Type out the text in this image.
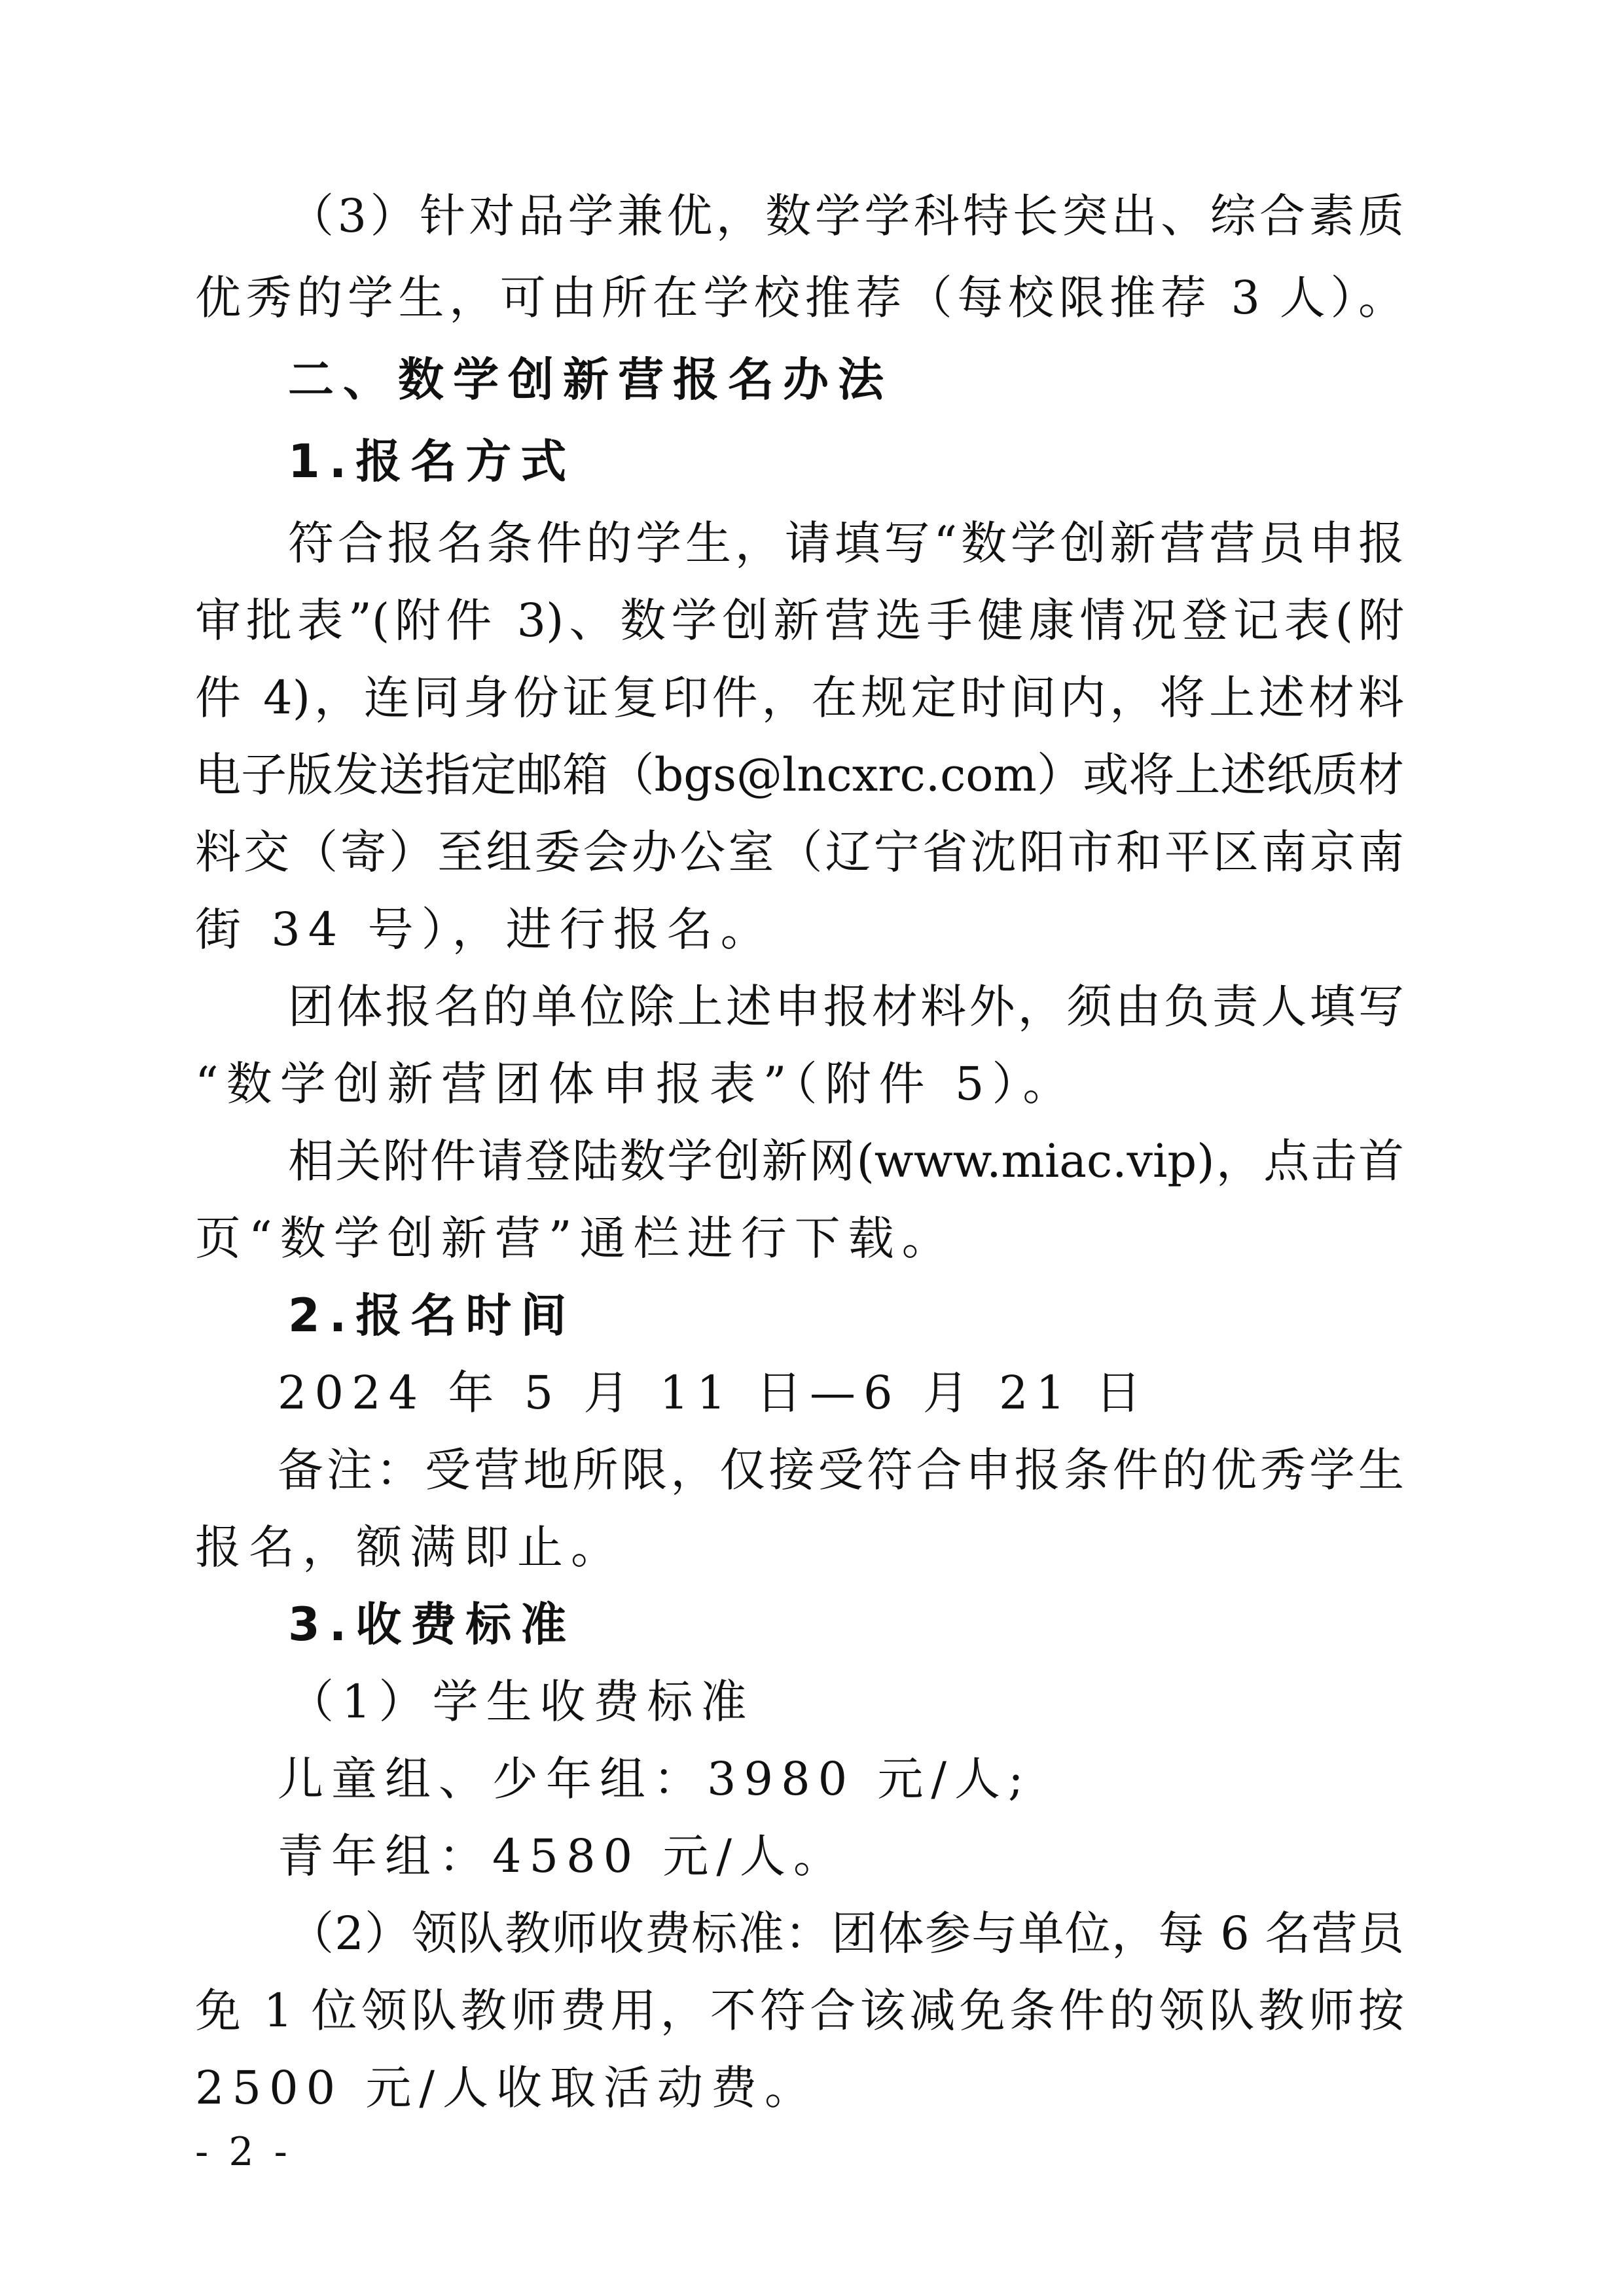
（3）针对品学兼优，数学学科特长突出、综合素质
优秀的学生，可由所在学校推荐（每校限推荐 3 人）。
二、数学创新营报名办法
1.报名方式
符合报名条件的学生，请填写“数学创新营营员申报
审批表”(附件 3)、数学创新营选手健康情况登记表(附
件 4)，连同身份证复印件，在规定时间内，将上述材料
电子版发送指定邮箱（bgs@lncxrc.com）或将上述纸质材
料交（寄）至组委会办公室（辽宁省沈阳市和平区南京南
街 34 号），进行报名。
团体报名的单位除上述申报材料外，须由负责人填写
“数学创新营团体申报表”（附件 5）。
相关附件请登陆数学创新网(www.miac.vip)，点击首
页“数学创新营”通栏进行下载。
2.报名时间
2024 年 5 月 11 日—6 月 21 日
备注：受营地所限，仅接受符合申报条件的优秀学生
报名，额满即止。
3.收费标准
（1）学生收费标准
儿童组、少年组：3980 元/人;
青年组：4580 元/人。
（2）领队教师收费标准：团体参与单位，每 6 名营员
免 1 位领队教师费用，不符合该减免条件的领队教师按
2500 元/人收取活动费。
- 2 -
